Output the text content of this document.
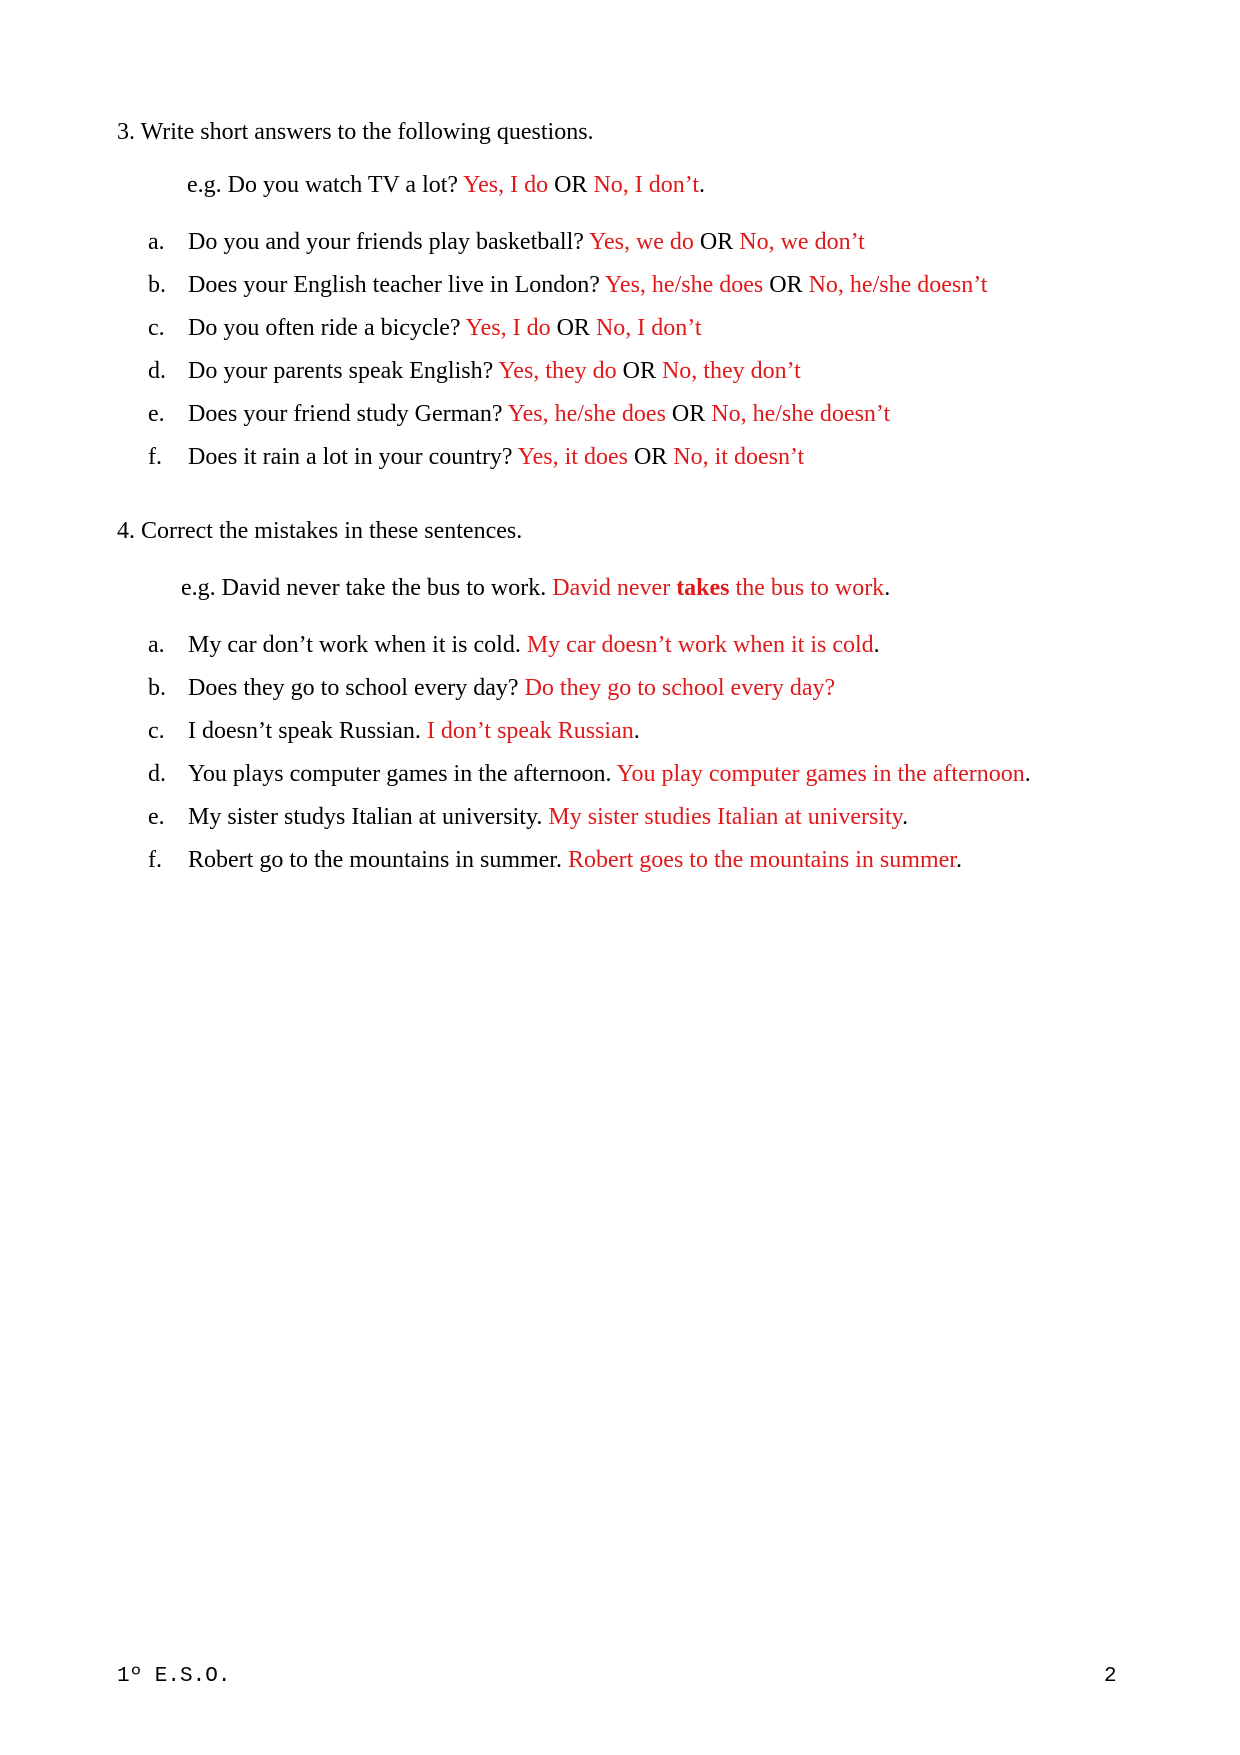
3. Write short answers to the following questions.
e.g. Do you watch TV a lot? Yes, I do OR No, I don’t.
a. Do you and your friends play basketball? Yes, we do OR No, we don’t
b. Does your English teacher live in London? Yes, he/she does OR No, he/she doesn’t
c. Do you often ride a bicycle? Yes, I do OR No, I don’t
d. Do your parents speak English? Yes, they do OR No, they don’t
e. Does your friend study German? Yes, he/she does OR No, he/she doesn’t
f. Does it rain a lot in your country? Yes, it does OR No, it doesn’t
4. Correct the mistakes in these sentences.
e.g. David never take the bus to work. David never takes the bus to work.
a. My car don’t work when it is cold. My car doesn’t work when it is cold.
b. Does they go to school every day? Do they go to school every day?
c. I doesn’t speak Russian. I don’t speak Russian.
d. You plays computer games in the afternoon. You play computer games in the afternoon.
e. My sister studys Italian at university. My sister studies Italian at university.
f. Robert go to the mountains in summer. Robert goes to the mountains in summer.
1º E.S.O.	2
